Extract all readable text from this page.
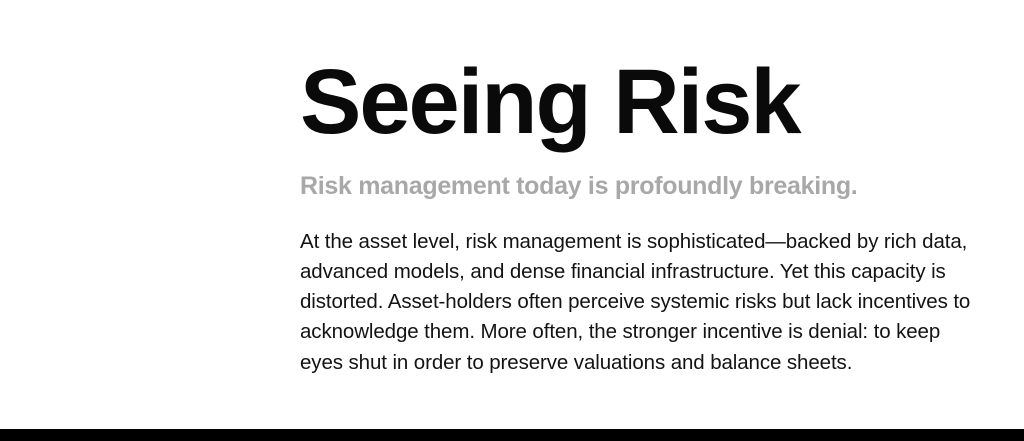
Seeing Risk

Risk management today is profoundly breaking.

At the asset level, risk management is sophisticated—backed by rich data, advanced models, and dense financial infrastructure. Yet this capacity is distorted. Asset-holders often perceive systemic risks but lack incentives to acknowledge them. More often, the stronger incentive is denial: to keep eyes shut in order to preserve valuations and balance sheets.
